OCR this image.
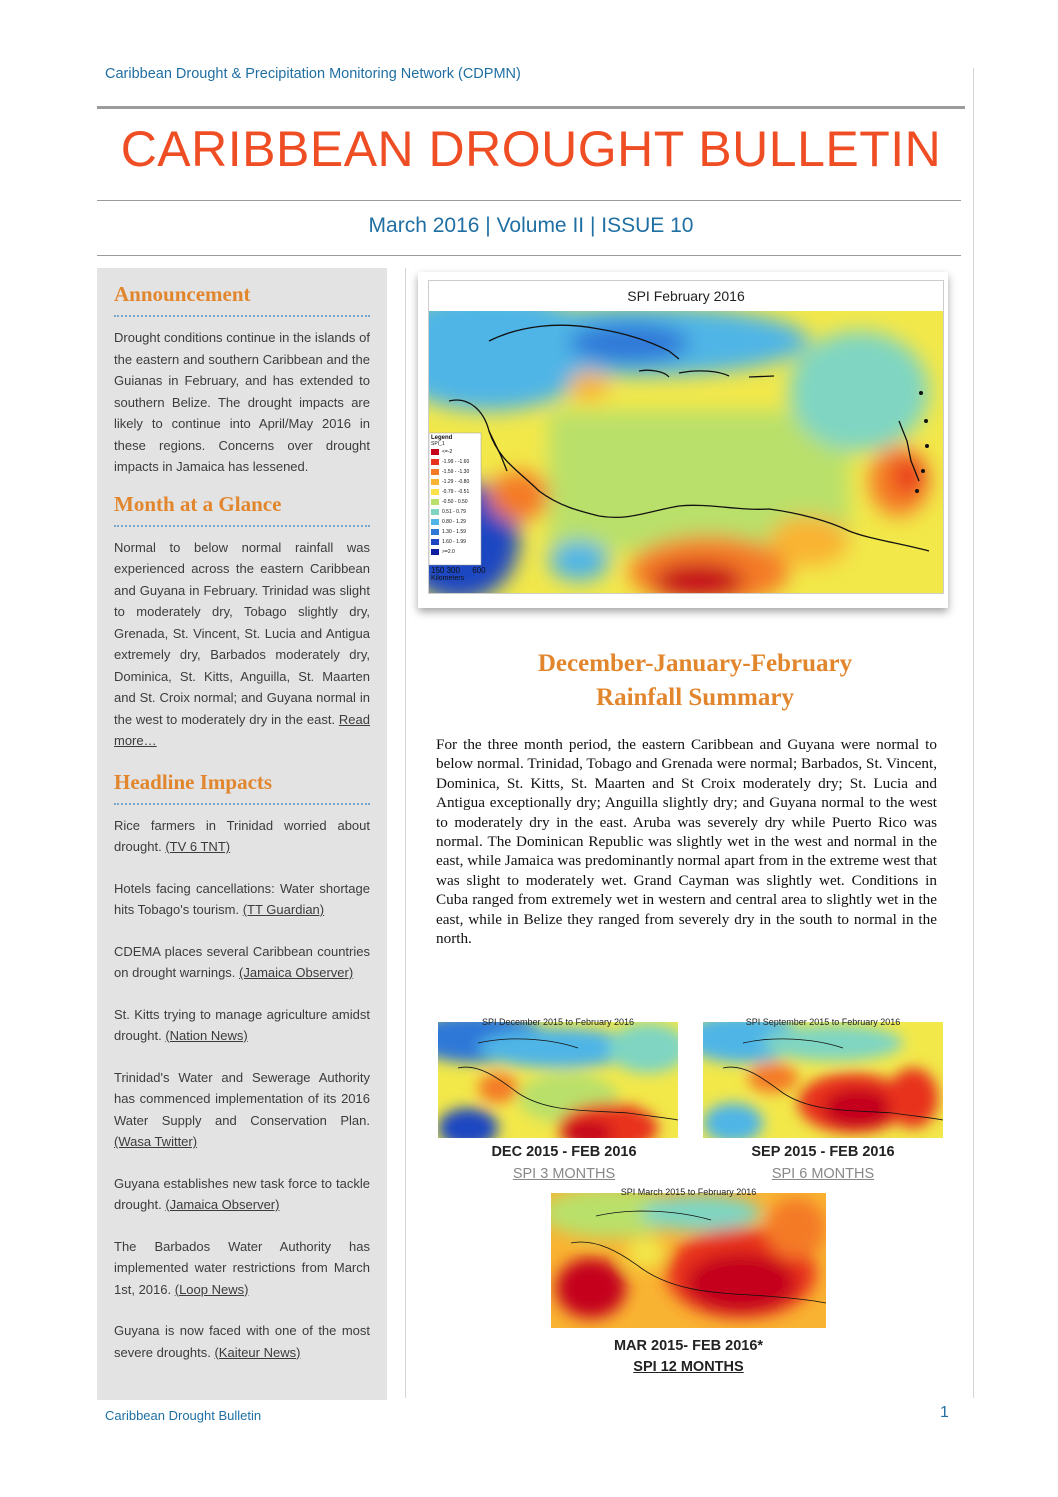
Caribbean Drought & Precipitation Monitoring Network (CDPMN)
CARIBBEAN DROUGHT BULLETIN
March 2016 | Volume II | ISSUE 10
Announcement

Drought conditions continue in the islands of the eastern and southern Caribbean and the Guianas in February, and has extended to southern Belize. The drought impacts are likely to continue into April/May 2016 in these regions. Concerns over drought impacts in Jamaica has lessened.

Month at a Glance

Normal to below normal rainfall was experienced across the eastern Caribbean and Guyana in February. Trinidad was slight to moderately dry, Tobago slightly dry, Grenada, St. Vincent, St. Lucia and Antigua extremely dry, Barbados moderately dry, Dominica, St. Kitts, Anguilla, St. Maarten and St. Croix normal; and Guyana normal in the west to moderately dry in the east. Read more…

Headline Impacts

Rice farmers in Trinidad worried about drought. (TV 6 TNT)

Hotels facing cancellations: Water shortage hits Tobago's tourism. (TT Guardian)

CDEMA places several Caribbean countries on drought warnings. (Jamaica Observer)

St. Kitts trying to manage agriculture amidst drought. (Nation News)

Trinidad's Water and Sewerage Authority has commenced implementation of its 2016 Water Supply and Conservation Plan. (Wasa Twitter)

Guyana establishes new task force to tackle drought. (Jamaica Observer)

The Barbados Water Authority has implemented water restrictions from March 1st, 2016. (Loop News)

Guyana is now faced with one of the most severe droughts. (Kaiteur News)

SPI February 2016
Legend
SPI_1
<=-2
-1.99 - -1.60
-1.59 - -1.30
-1.29 - -0.80
-0.79 - -0.51
-0.50 - 0.50
0.51 - 0.79
0.80 - 1.29
1.30 - 1.59
1.60 - 1.99
>=2.0
150 300 600
Kilometers
December-January-February
Rainfall Summary
For the three month period, the eastern Caribbean and Guyana were normal to below normal. Trinidad, Tobago and Grenada were normal; Barbados, St. Vincent, Dominica, St. Kitts, St. Maarten and St Croix moderately dry; St. Lucia and Antigua exceptionally dry; Anguilla slightly dry; and Guyana normal to the west to moderately dry in the east. Aruba was severely dry while Puerto Rico was normal. The Dominican Republic was slightly wet in the west and normal in the east, while Jamaica was predominantly normal apart from in the extreme west that was slight to moderately wet. Grand Cayman was slightly wet. Conditions in Cuba ranged from extremely wet in western and central area to slightly wet in the east, while in Belize they ranged from severely dry in the south to normal in the north.
SPI December 2015 to February 2016
DEC 2015 - FEB 2016
SPI 3 MONTHS
SPI September 2015 to February 2016
SEP 2015 - FEB 2016
SPI 6 MONTHS
SPI March 2015 to February 2016
MAR 2015- FEB 2016*
SPI 12 MONTHS
Caribbean Drought Bulletin	1
